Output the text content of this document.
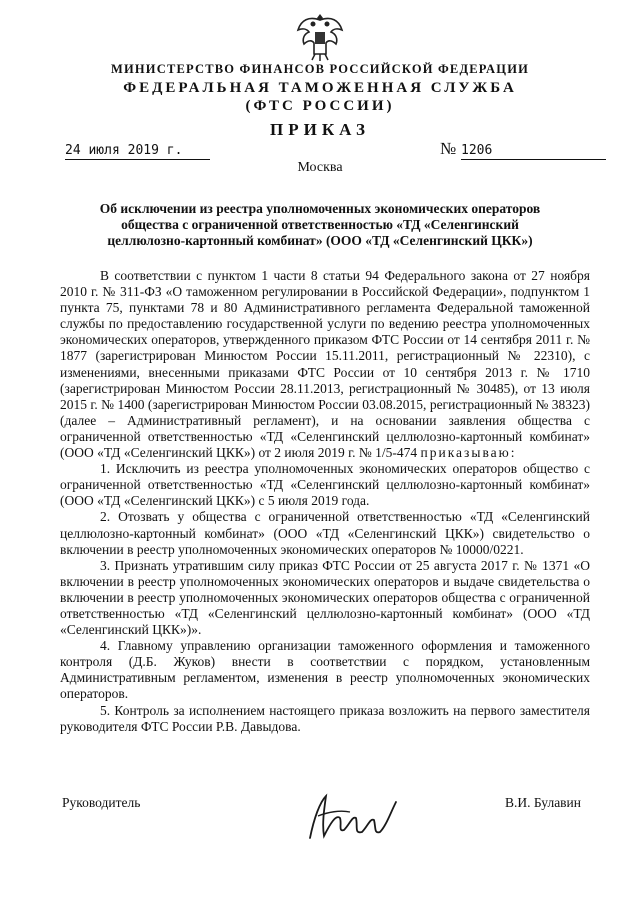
МИНИСТЕРСТВО ФИНАНСОВ РОССИЙСКОЙ ФЕДЕРАЦИИ
ФЕДЕРАЛЬНАЯ ТАМОЖЕННАЯ СЛУЖБА
(ФТС РОССИИ)
ПРИКАЗ
24 июля 2019 г.	№ 1206
Москва
Об исключении из реестра уполномоченных экономических операторов общества с ограниченной ответственностью «ТД «Селенгинский целлюлозно-картонный комбинат» (ООО «ТД «Селенгинский ЦКК»)

В соответствии с пунктом 1 части 8 статьи 94 Федерального закона от 27 ноября 2010 г. № 311-ФЗ «О таможенном регулировании в Российской Федерации», подпунктом 1 пункта 75, пунктами 78 и 80 Административного регламента Федеральной таможенной службы по предоставлению государственной услуги по ведению реестра уполномоченных экономических операторов, утвержденного приказом ФТС России от 14 сентября 2011 г. № 1877 (зарегистрирован Минюстом России 15.11.2011, регистрационный № 22310), с изменениями, внесенными приказами ФТС России от 10 сентября 2013 г. № 1710 (зарегистрирован Минюстом России 28.11.2013, регистрационный № 30485), от 13 июля 2015 г. № 1400 (зарегистрирован Минюстом России 03.08.2015, регистрационный № 38323) (далее – Административный регламент), и на основании заявления общества с ограниченной ответственностью «ТД «Селенгинский целлюлозно-картонный комбинат» (ООО «ТД «Селенгинский ЦКК») от 2 июля 2019 г. № 1/5-474 приказываю:

1. Исключить из реестра уполномоченных экономических операторов общество с ограниченной ответственностью «ТД «Селенгинский целлюлозно-картонный комбинат» (ООО «ТД «Селенгинский ЦКК») с 5 июля 2019 года.

2. Отозвать у общества с ограниченной ответственностью «ТД «Селенгинский целлюлозно-картонный комбинат» (ООО «ТД «Селенгинский ЦКК») свидетельство о включении в реестр уполномоченных экономических операторов № 10000/0221.

3. Признать утратившим силу приказ ФТС России от 25 августа 2017 г. № 1371 «О включении в реестр уполномоченных экономических операторов и выдаче свидетельства о включении в реестр уполномоченных экономических операторов общества с ограниченной ответственностью «ТД «Селенгинский целлюлозно-картонный комбинат» (ООО «ТД «Селенгинский ЦКК»)».

4. Главному управлению организации таможенного оформления и таможенного контроля (Д.Б. Жуков) внести в соответствии с порядком, установленным Административным регламентом, изменения в реестр уполномоченных экономических операторов.

5. Контроль за исполнением настоящего приказа возложить на первого заместителя руководителя ФТС России Р.В. Давыдова.

Руководитель	В.И. Булавин
